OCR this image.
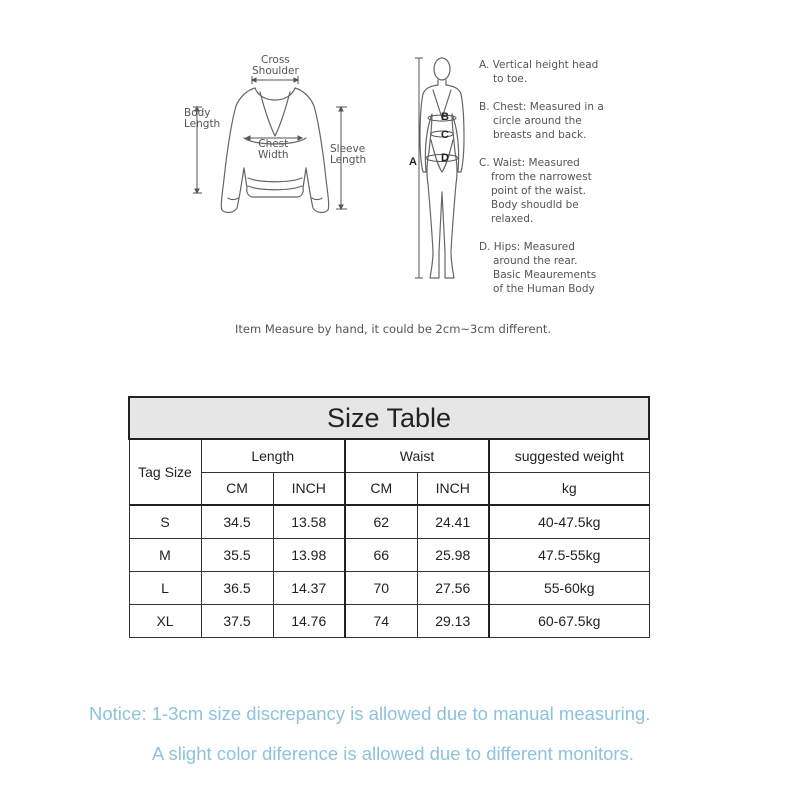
Cross
Shoulder
Body
Length
Chest
Width	Sleeve
Length	A
B
C
D
A. Vertical height head
to toe.
B. Chest: Measured in a
circle around the
breasts and back.
C. Waist: Measured
from the narrowest
point of the waist.
Body shoudld be
relaxed.
D. Hips: Measured
around the rear.
Basic Meaurements
of the Human Body
Item Measure by hand, it could be 2cm~3cm different.
Size Table					
Tag Size	Length		Waist		suggested weight
	CM	INCH	CM	INCH	kg
S	34.5	13.58	62	24.41	40-47.5kg
M	35.5	13.98	66	25.98	47.5-55kg
L	36.5	14.37	70	27.56	55-60kg
XL	37.5	14.76	74	29.13	60-67.5kg
Notice: 1-3cm size discrepancy is allowed due to manual measuring.
A slight color diference is allowed due to different monitors.
